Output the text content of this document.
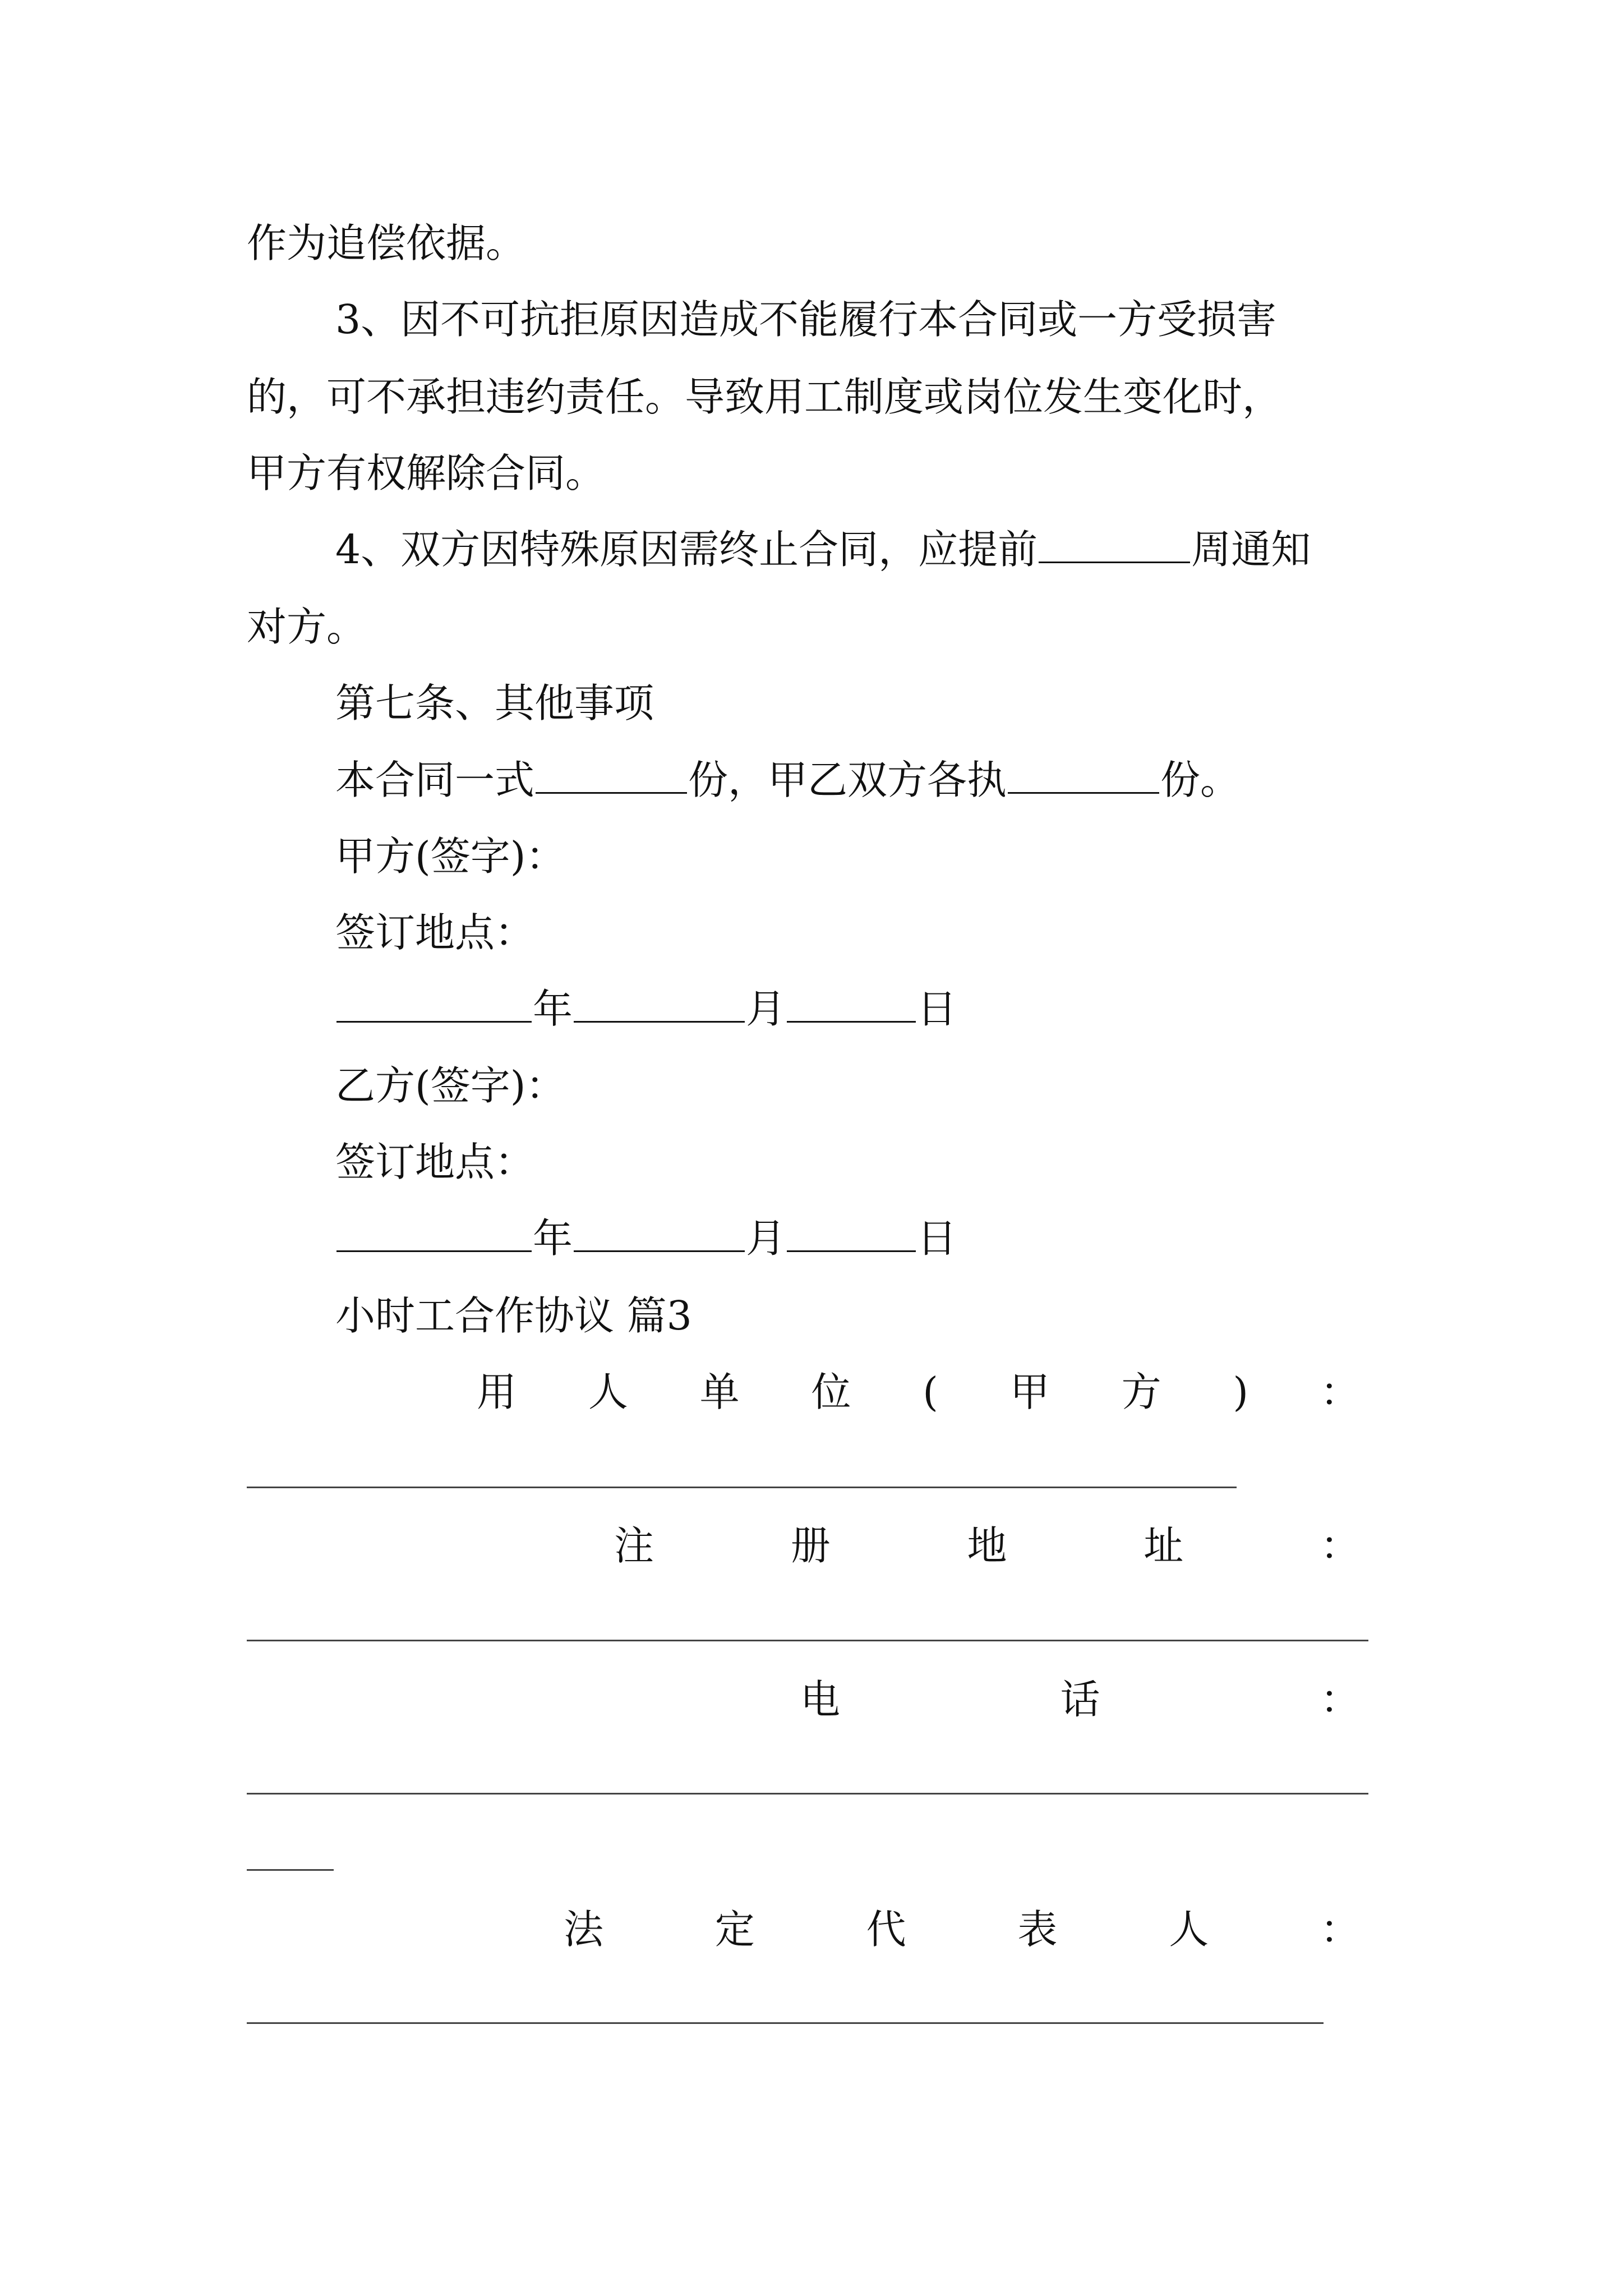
作为追偿依据。
3、因不可抗拒原因造成不能履行本合同或一方受损害
的，可不承担违约责任。导致用工制度或岗位发生变化时，
甲方有权解除合同。
4、双方因特殊原因需终止合同，应提前	周通知
对方。
第七条、其他事项
本合同一式	份，甲乙双方各执	份。
甲方(签字)：
签订地点：
年	月	日
乙方(签字)：
签订地点：
年	月	日
小时工合作协议 篇3
用 人 单 位 ( 甲 方 ) ：
注	册	地	址	：
电	话	：
法	定	代	表	人	：
